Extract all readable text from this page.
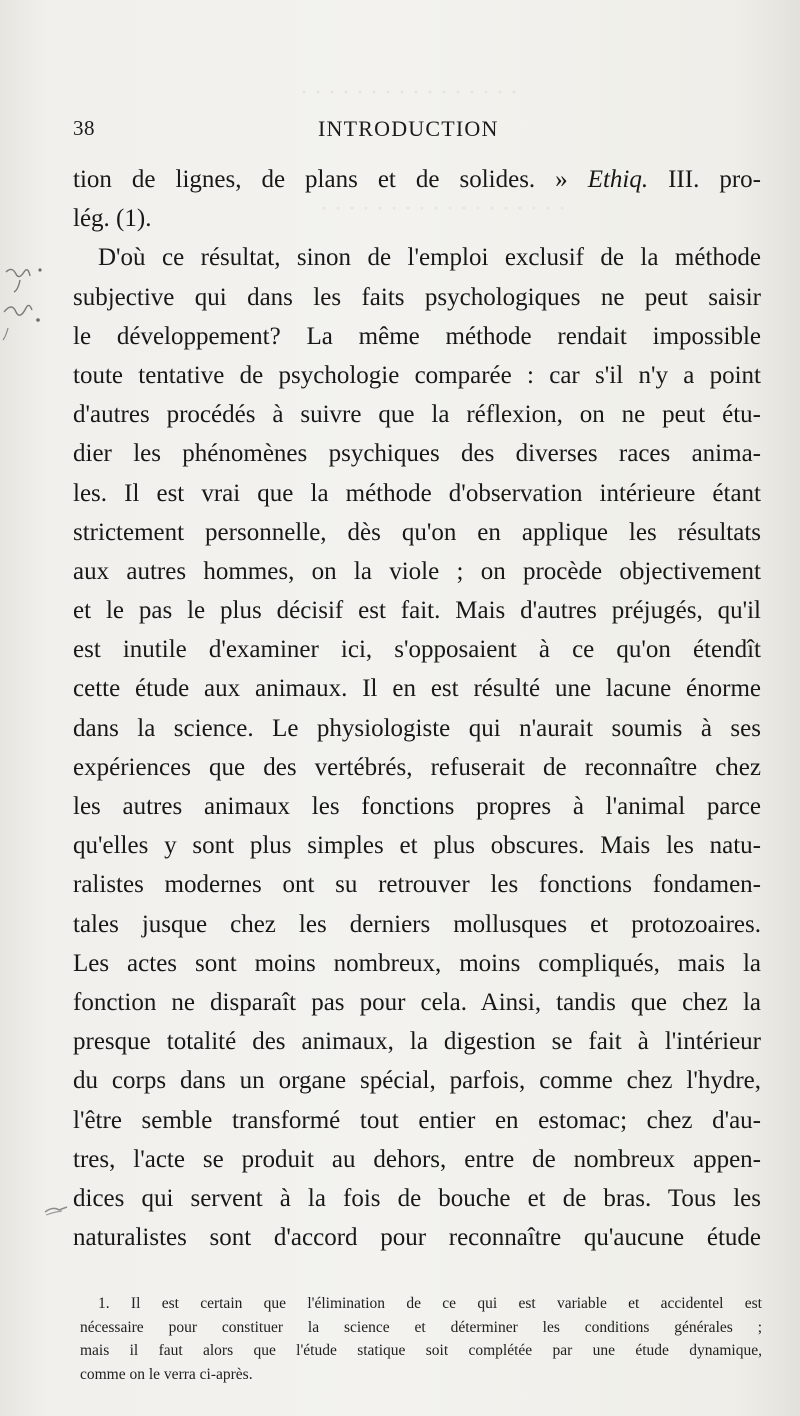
· · · · · · · · · · · · · · · ·
· · · · · · · · · · · · · · · · · ·
38	INTRODUCTION
tion de lignes, de plans et de solides. » Ethiq. III. pro-
lég. (1).
D'où ce résultat, sinon de l'emploi exclusif de la méthode
subjective qui dans les faits psychologiques ne peut saisir
le développement? La même méthode rendait impossible
toute tentative de psychologie comparée : car s'il n'y a point
d'autres procédés à suivre que la réflexion, on ne peut étu-
dier les phénomènes psychiques des diverses races anima-
les. Il est vrai que la méthode d'observation intérieure étant
strictement personnelle, dès qu'on en applique les résultats
aux autres hommes, on la viole ; on procède objectivement
et le pas le plus décisif est fait. Mais d'autres préjugés, qu'il
est inutile d'examiner ici, s'opposaient à ce qu'on étendît
cette étude aux animaux. Il en est résulté une lacune énorme
dans la science. Le physiologiste qui n'aurait soumis à ses
expériences que des vertébrés, refuserait de reconnaître chez
les autres animaux les fonctions propres à l'animal parce
qu'elles y sont plus simples et plus obscures. Mais les natu-
ralistes modernes ont su retrouver les fonctions fondamen-
tales jusque chez les derniers mollusques et protozoaires.
Les actes sont moins nombreux, moins compliqués, mais la
fonction ne disparaît pas pour cela. Ainsi, tandis que chez la
presque totalité des animaux, la digestion se fait à l'intérieur
du corps dans un organe spécial, parfois, comme chez l'hydre,
l'être semble transformé tout entier en estomac; chez d'au-
tres, l'acte se produit au dehors, entre de nombreux appen-
dices qui servent à la fois de bouche et de bras. Tous les
naturalistes sont d'accord pour reconnaître qu'aucune étude
1. Il est certain que l'élimination de ce qui est variable et accidentel est
nécessaire pour constituer la science et déterminer les conditions générales ;
mais il faut alors que l'étude statique soit complétée par une étude dynamique,
comme on le verra ci-après.
